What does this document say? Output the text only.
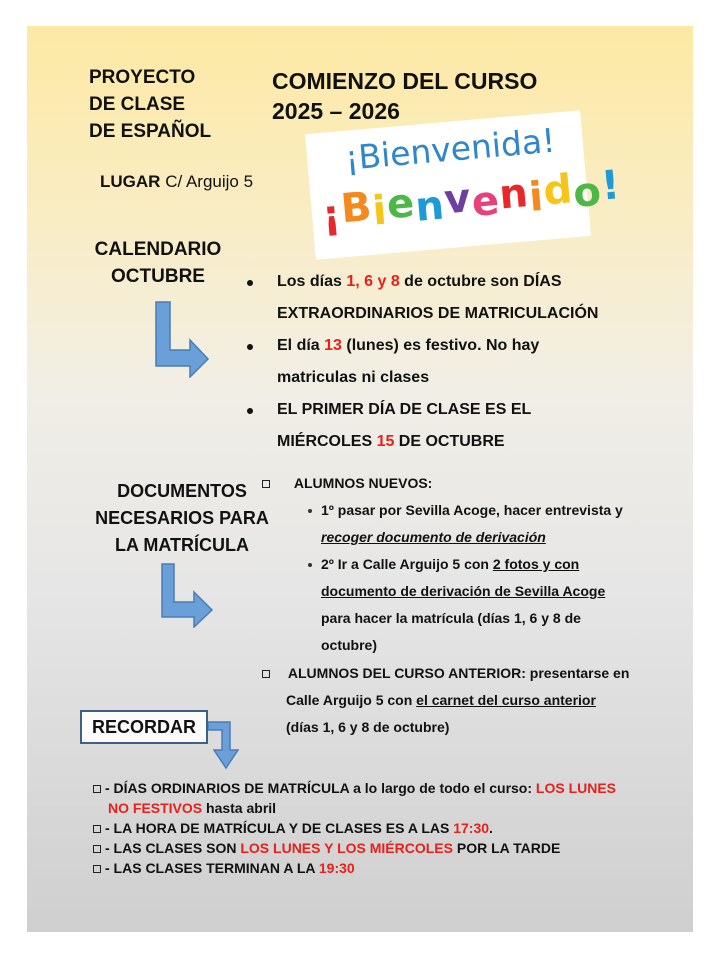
PROYECTO
DE CLASE
DE ESPAÑOL
COMIENZO DEL CURSO
2025 – 2026
LUGAR C/ Arguijo 5
¡Bienvenida!
¡Bienvenido!
CALENDARIO
OCTUBRE	Los días 1, 6 y 8 de octubre son DÍAS
EXTRAORDINARIOS DE MATRICULACIÓN
El día 13 (lunes) es festivo. No hay
matriculas ni clases
EL PRIMER DÍA DE CLASE ES EL
MIÉRCOLES 15 DE OCTUBRE
DOCUMENTOS
NECESARIOS PARA
LA MATRÍCULA
ALUMNOS NUEVOS:
1º pasar por Sevilla Acoge, hacer entrevista y
recoger documento de derivación
2º Ir a Calle Arguijo 5 con 2 fotos y con
documento de derivación de Sevilla Acoge
para hacer la matrícula (días 1, 6 y 8 de
octubre)
ALUMNOS DEL CURSO ANTERIOR: presentarse en
Calle Arguijo 5 con el carnet del curso anterior
(días 1, 6 y 8 de octubre)
RECORDAR
- DÍAS ORDINARIOS DE MATRÍCULA a lo largo de todo el curso: LOS LUNES
NO FESTIVOS hasta abril
- LA HORA DE MATRÍCULA Y DE CLASES ES A LAS 17:30.
- LAS CLASES SON LOS LUNES Y LOS MIÉRCOLES POR LA TARDE
- LAS CLASES TERMINAN A LA 19:30
